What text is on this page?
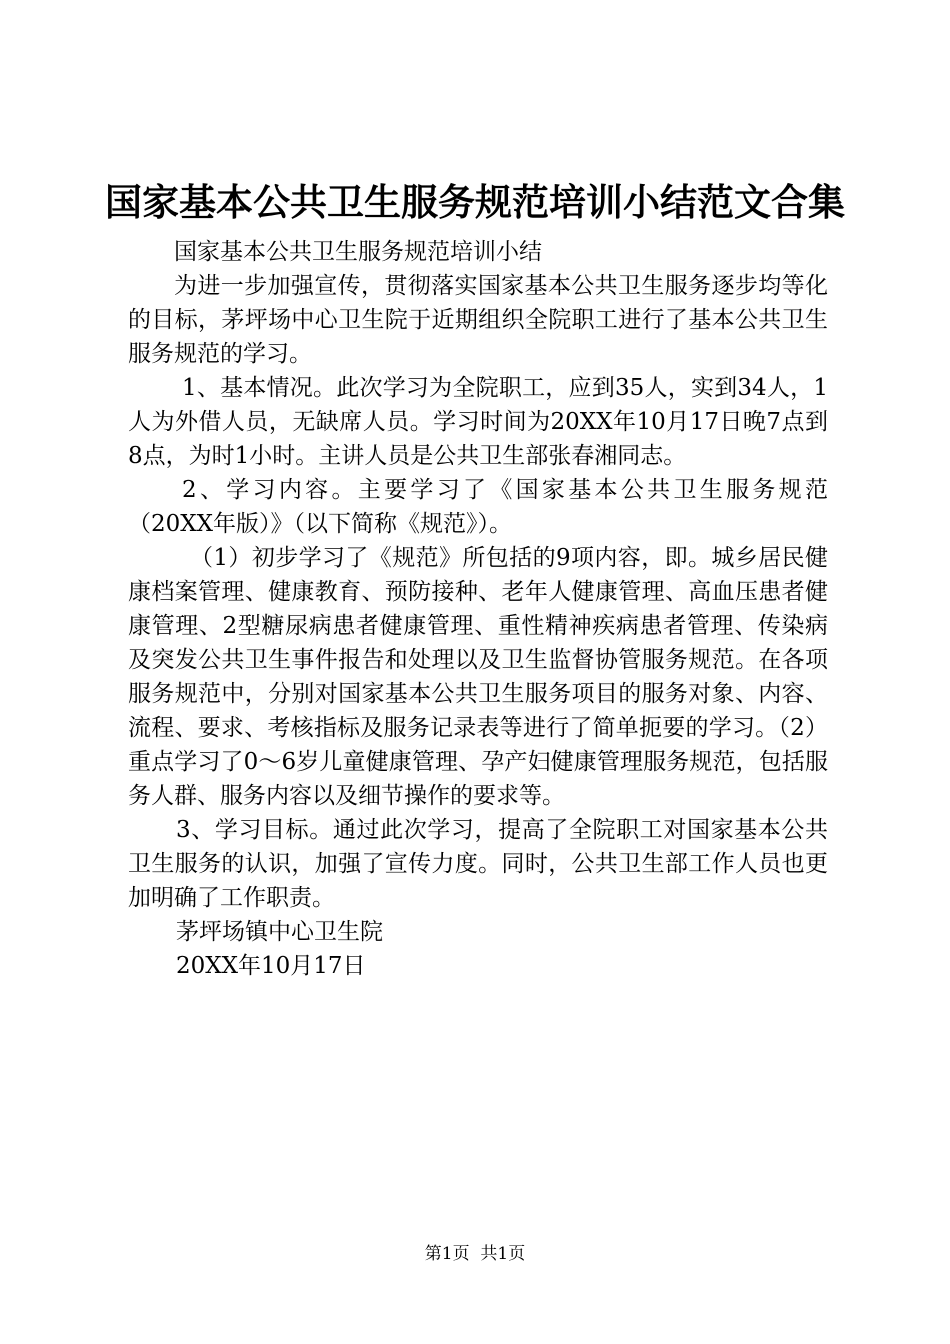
国家基本公共卫生服务规范培训小结范文合集

国家基本公共卫生服务规范培训小结

为进一步加强宣传，贯彻落实国家基本公共卫生服务逐步均等化的目标，茅坪场中心卫生院于近期组织全院职工进行了基本公共卫生服务规范的学习。

1、基本情况。此次学习为全院职工，应到35人，实到34人，1人为外借人员，无缺席人员。学习时间为20XX年10月17日晚7点到8点，为时1小时。主讲人员是公共卫生部张春湘同志。

2、学习内容。主要学习了《国家基本公共卫生服务规范（20XX年版）》（以下简称《规范》）。

（1）初步学习了《规范》所包括的9项内容，即。城乡居民健康档案管理、健康教育、预防接种、老年人健康管理、高血压患者健康管理、2型糖尿病患者健康管理、重性精神疾病患者管理、传染病及突发公共卫生事件报告和处理以及卫生监督协管服务规范。在各项服务规范中，分别对国家基本公共卫生服务项目的服务对象、内容、流程、要求、考核指标及服务记录表等进行了简单扼要的学习。（2）重点学习了0～6岁儿童健康管理、孕产妇健康管理服务规范，包括服务人群、服务内容以及细节操作的要求等。

3、学习目标。通过此次学习，提高了全院职工对国家基本公共卫生服务的认识，加强了宣传力度。同时，公共卫生部工作人员也更加明确了工作职责。

茅坪场镇中心卫生院

20XX年10月17日

第1页  共1页
